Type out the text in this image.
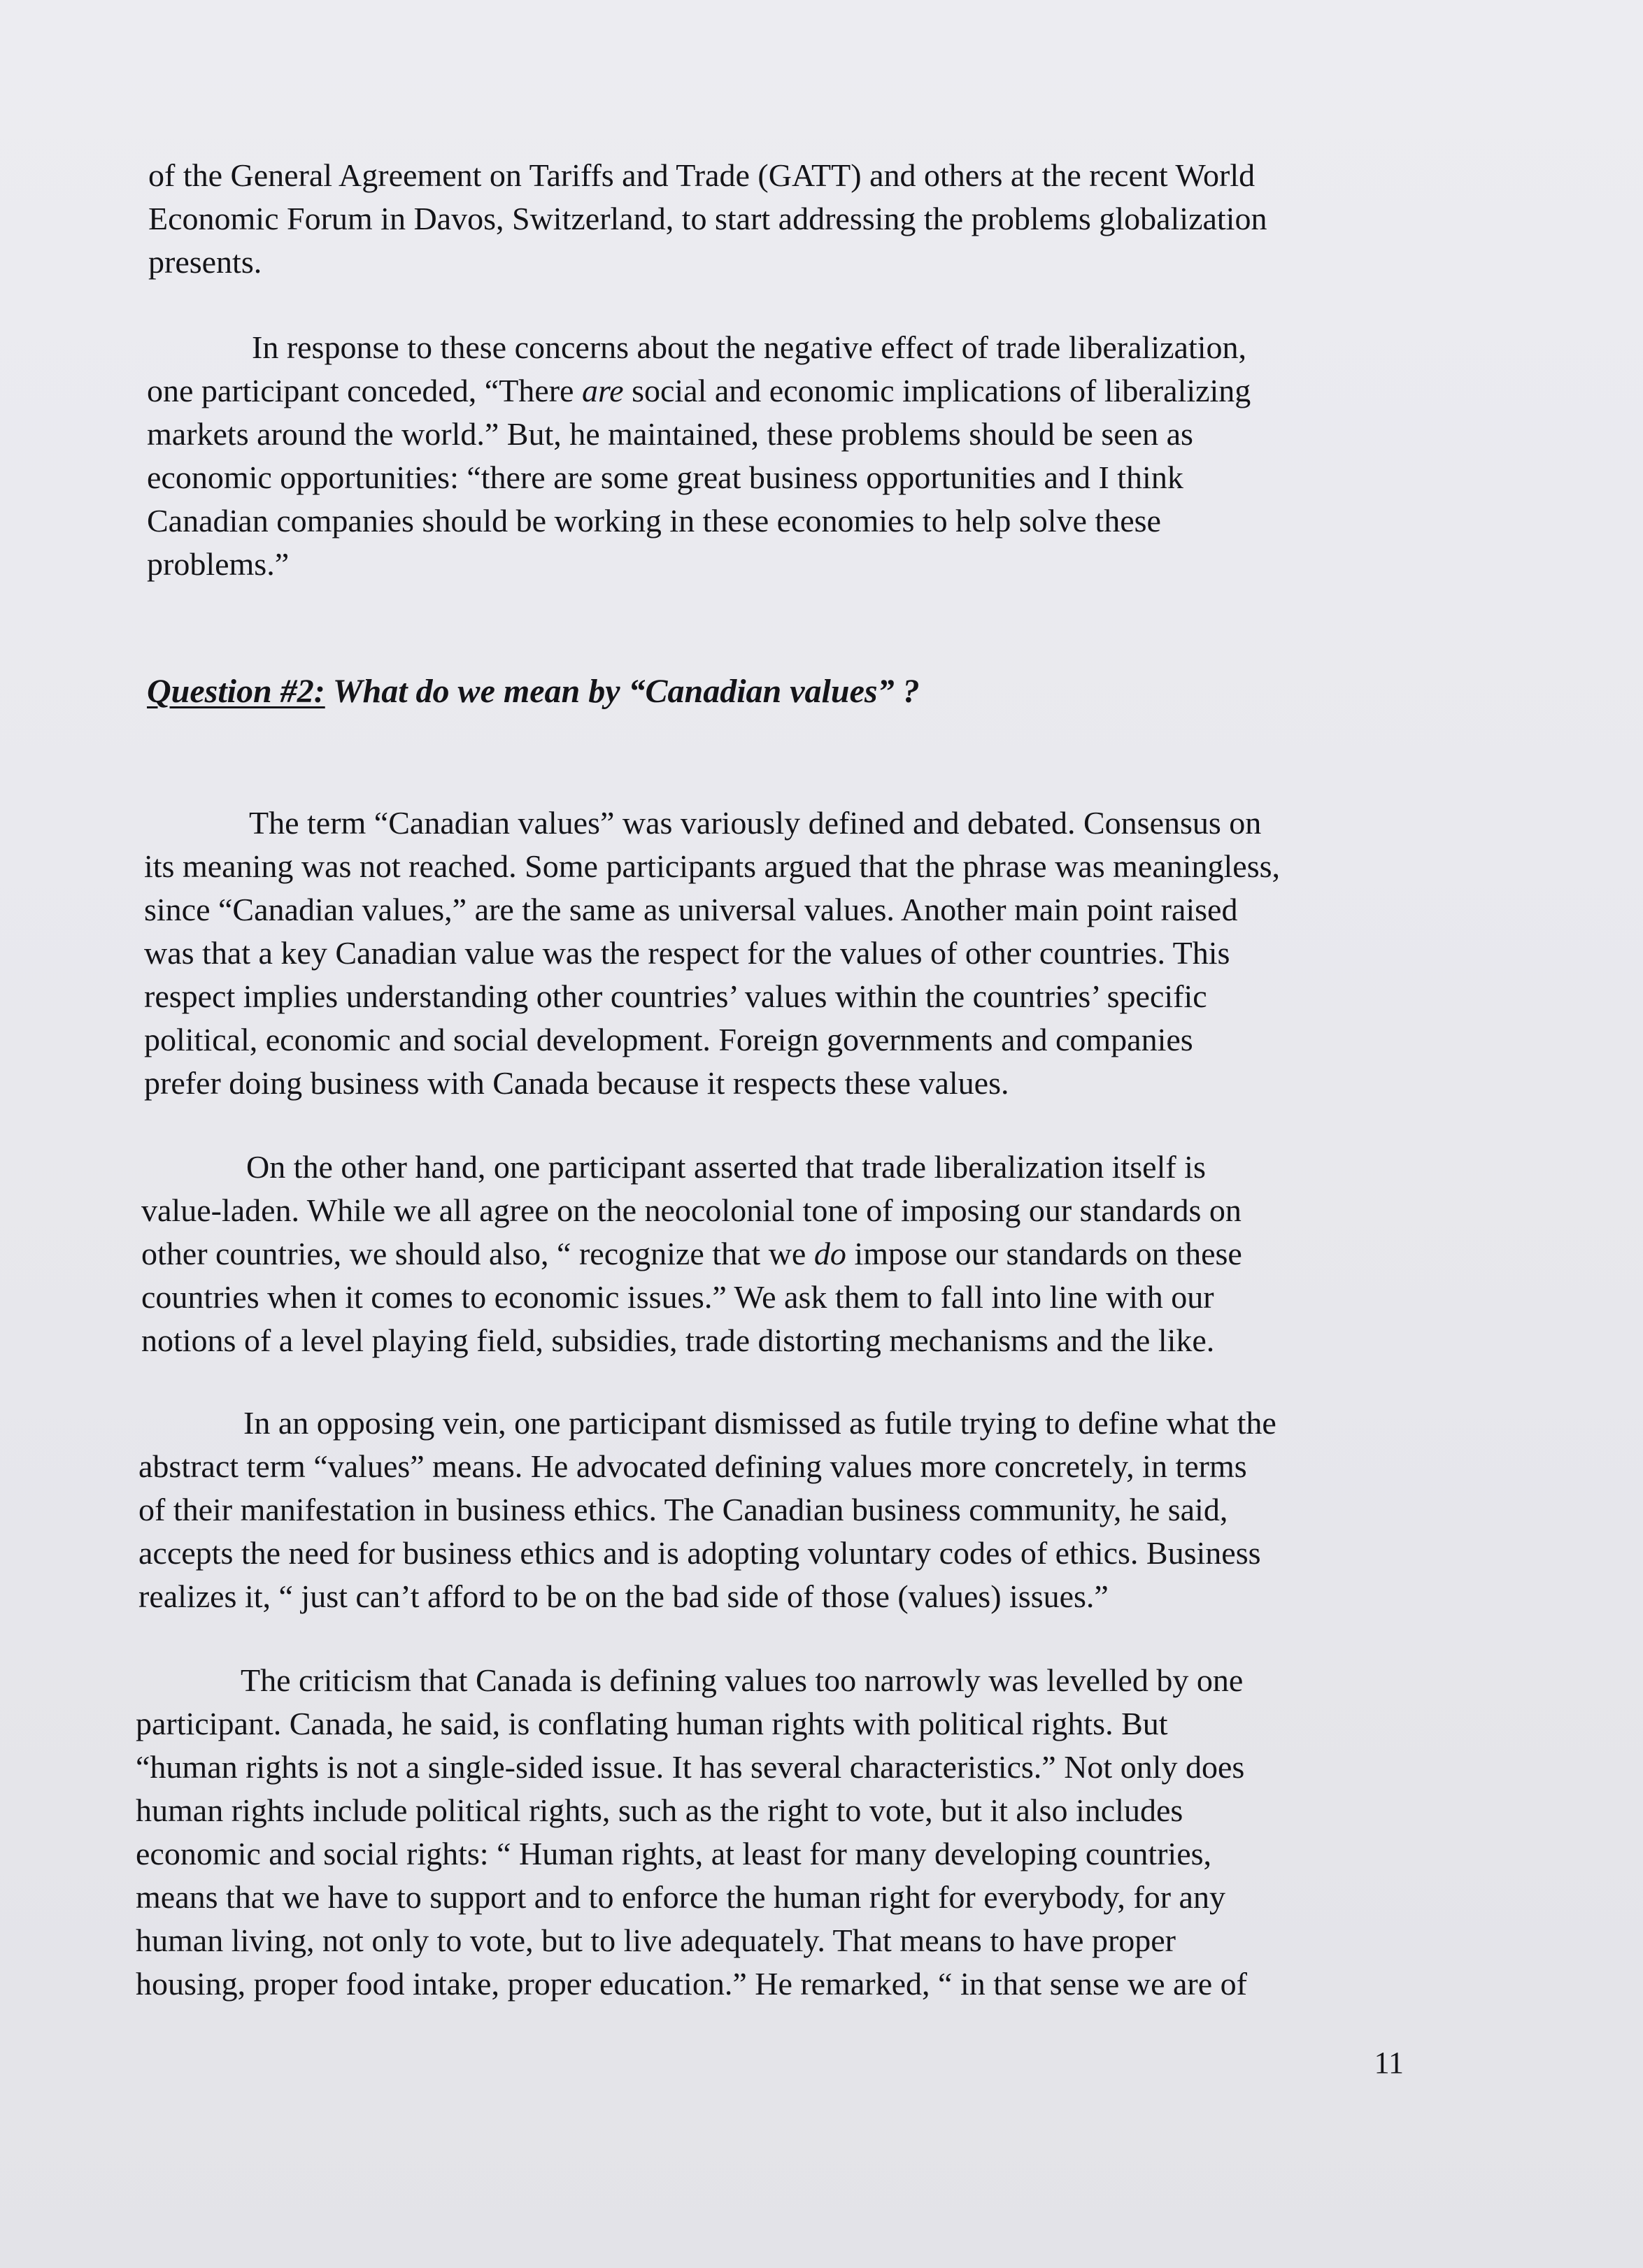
of the General Agreement on Tariffs and Trade (GATT) and others at the recent World
Economic Forum in Davos, Switzerland, to start addressing the problems globalization
presents.

In response to these concerns about the negative effect of trade liberalization,
one participant conceded, “There are social and economic implications of liberalizing
markets around the world.” But, he maintained, these problems should be seen as
economic opportunities: “there are some great business opportunities and I think
Canadian companies should be working in these economies to help solve these
problems.”

Question #2: What do we mean by “Canadian values” ?

The term “Canadian values” was variously defined and debated. Consensus on
its meaning was not reached. Some participants argued that the phrase was meaningless,
since “Canadian values,” are the same as universal values. Another main point raised
was that a key Canadian value was the respect for the values of other countries. This
respect implies understanding other countries’ values within the countries’ specific
political, economic and social development. Foreign governments and companies
prefer doing business with Canada because it respects these values.

On the other hand, one participant asserted that trade liberalization itself is
value-laden. While we all agree on the neocolonial tone of imposing our standards on
other countries, we should also, “ recognize that we do impose our standards on these
countries when it comes to economic issues.” We ask them to fall into line with our
notions of a level playing field, subsidies, trade distorting mechanisms and the like.

In an opposing vein, one participant dismissed as futile trying to define what the
abstract term “values” means. He advocated defining values more concretely, in terms
of their manifestation in business ethics. The Canadian business community, he said,
accepts the need for business ethics and is adopting voluntary codes of ethics. Business
realizes it, “ just can’t afford to be on the bad side of those (values) issues.”

The criticism that Canada is defining values too narrowly was levelled by one
participant. Canada, he said, is conflating human rights with political rights. But
“human rights is not a single-sided issue. It has several characteristics.” Not only does
human rights include political rights, such as the right to vote, but it also includes
economic and social rights: “ Human rights, at least for many developing countries,
means that we have to support and to enforce the human right for everybody, for any
human living, not only to vote, but to live adequately. That means to have proper
housing, proper food intake, proper education.” He remarked, “ in that sense we are of

11
